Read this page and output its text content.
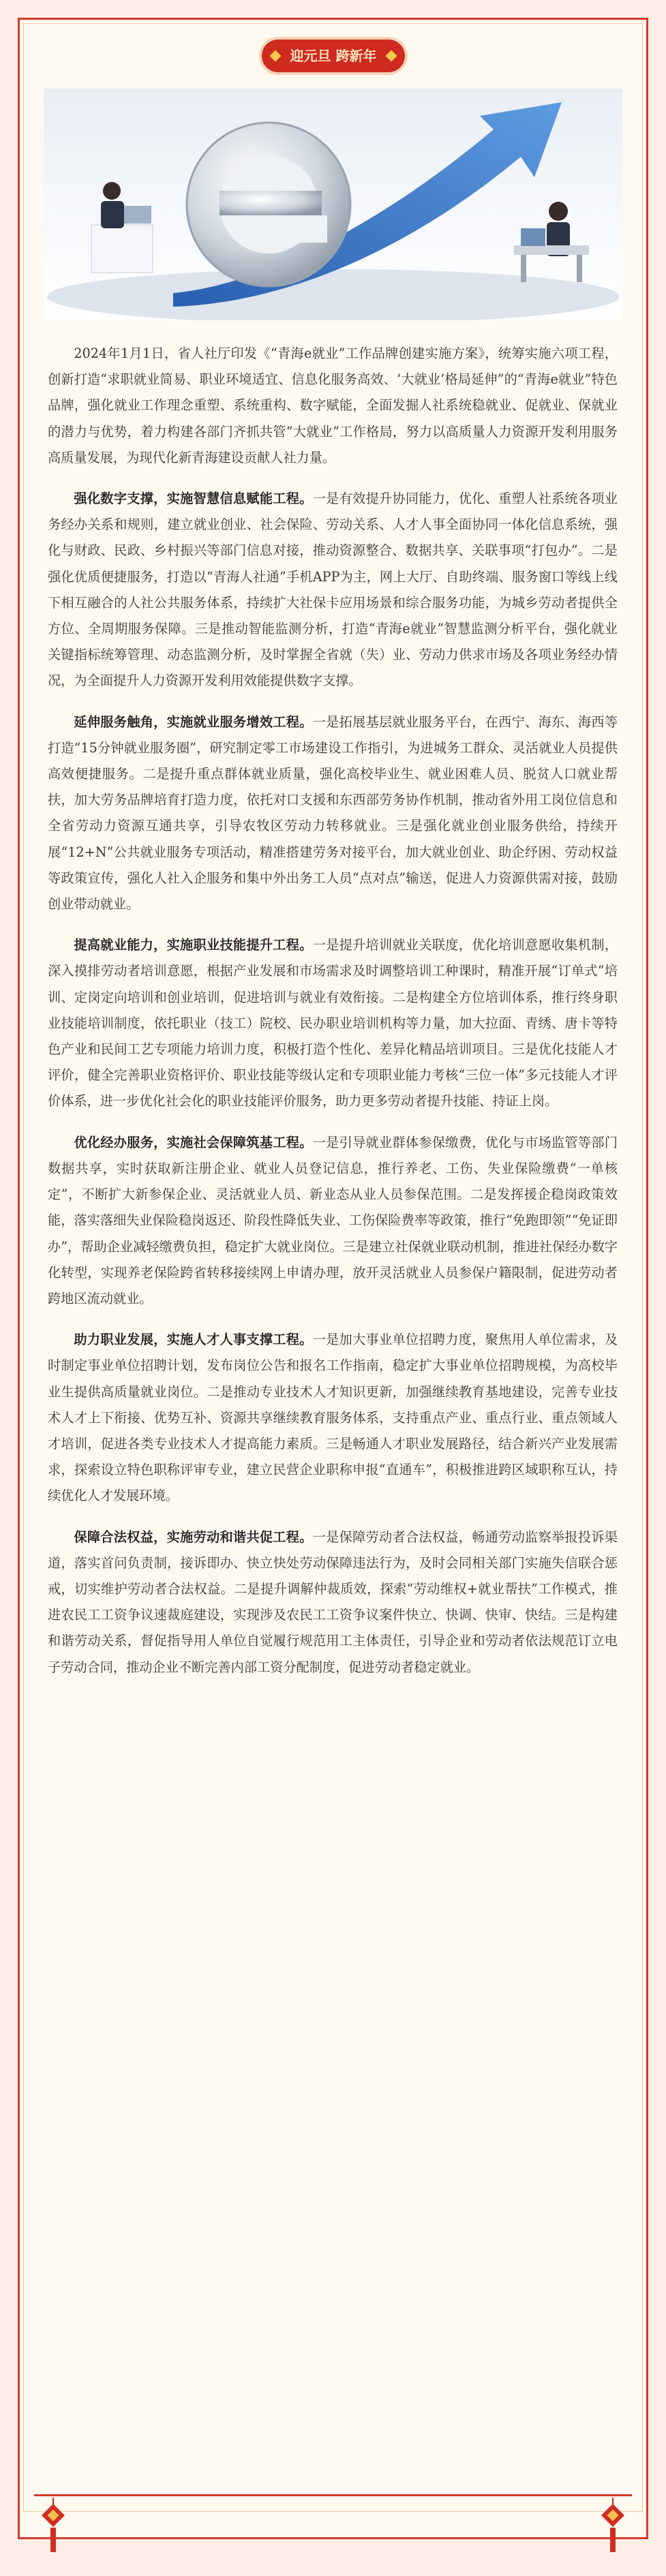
迎元旦 跨新年

2024年1月1日，省人社厅印发《“青海e就业”工作品牌创建实施方案》，统筹实施六项工程，创新打造“求职就业简易、职业环境适宜、信息化服务高效、‘大就业’格局延伸”的“青海e就业”特色品牌，强化就业工作理念重塑、系统重构、数字赋能，全面发掘人社系统稳就业、促就业、保就业的潜力与优势，着力构建各部门齐抓共管“大就业”工作格局，努力以高质量人力资源开发利用服务高质量发展，为现代化新青海建设贡献人社力量。

强化数字支撑，实施智慧信息赋能工程。一是有效提升协同能力，优化、重塑人社系统各项业务经办关系和规则，建立就业创业、社会保险、劳动关系、人才人事全面协同一体化信息系统，强化与财政、民政、乡村振兴等部门信息对接，推动资源整合、数据共享、关联事项“打包办”。二是强化优质便捷服务，打造以“青海人社通”手机APP为主，网上大厅、自助终端、服务窗口等线上线下相互融合的人社公共服务体系，持续扩大社保卡应用场景和综合服务功能，为城乡劳动者提供全方位、全周期服务保障。三是推动智能监测分析，打造“青海e就业”智慧监测分析平台，强化就业关键指标统筹管理、动态监测分析，及时掌握全省就（失）业、劳动力供求市场及各项业务经办情况，为全面提升人力资源开发利用效能提供数字支撑。

延伸服务触角，实施就业服务增效工程。一是拓展基层就业服务平台，在西宁、海东、海西等打造“15分钟就业服务圈”，研究制定零工市场建设工作指引，为进城务工群众、灵活就业人员提供高效便捷服务。二是提升重点群体就业质量，强化高校毕业生、就业困难人员、脱贫人口就业帮扶，加大劳务品牌培育打造力度，依托对口支援和东西部劳务协作机制，推动省外用工岗位信息和全省劳动力资源互通共享，引导农牧区劳动力转移就业。三是强化就业创业服务供给，持续开展“12+N”公共就业服务专项活动，精准搭建劳务对接平台，加大就业创业、助企纾困、劳动权益等政策宣传，强化人社入企服务和集中外出务工人员“点对点”输送，促进人力资源供需对接，鼓励创业带动就业。

提高就业能力，实施职业技能提升工程。一是提升培训就业关联度，优化培训意愿收集机制，深入摸排劳动者培训意愿，根据产业发展和市场需求及时调整培训工种课时，精准开展“订单式”培训、定岗定向培训和创业培训，促进培训与就业有效衔接。二是构建全方位培训体系，推行终身职业技能培训制度，依托职业（技工）院校、民办职业培训机构等力量，加大拉面、青绣、唐卡等特色产业和民间工艺专项能力培训力度，积极打造个性化、差异化精品培训项目。三是优化技能人才评价，健全完善职业资格评价、职业技能等级认定和专项职业能力考核“三位一体”多元技能人才评价体系，进一步优化社会化的职业技能评价服务，助力更多劳动者提升技能、持证上岗。

优化经办服务，实施社会保障筑基工程。一是引导就业群体参保缴费，优化与市场监管等部门数据共享，实时获取新注册企业、就业人员登记信息，推行养老、工伤、失业保险缴费“一单核定”，不断扩大新参保企业、灵活就业人员、新业态从业人员参保范围。二是发挥援企稳岗政策效能，落实落细失业保险稳岗返还、阶段性降低失业、工伤保险费率等政策，推行“免跑即领”“免证即办”，帮助企业减轻缴费负担，稳定扩大就业岗位。三是建立社保就业联动机制，推进社保经办数字化转型，实现养老保险跨省转移接续网上申请办理，放开灵活就业人员参保户籍限制，促进劳动者跨地区流动就业。

助力职业发展，实施人才人事支撑工程。一是加大事业单位招聘力度，聚焦用人单位需求，及时制定事业单位招聘计划，发布岗位公告和报名工作指南，稳定扩大事业单位招聘规模，为高校毕业生提供高质量就业岗位。二是推动专业技术人才知识更新，加强继续教育基地建设，完善专业技术人才上下衔接、优势互补、资源共享继续教育服务体系，支持重点产业、重点行业、重点领域人才培训，促进各类专业技术人才提高能力素质。三是畅通人才职业发展路径，结合新兴产业发展需求，探索设立特色职称评审专业，建立民营企业职称申报“直通车”，积极推进跨区域职称互认，持续优化人才发展环境。

保障合法权益，实施劳动和谐共促工程。一是保障劳动者合法权益，畅通劳动监察举报投诉渠道，落实首问负责制，接诉即办、快立快处劳动保障违法行为，及时会同相关部门实施失信联合惩戒，切实维护劳动者合法权益。二是提升调解仲裁质效，探索“劳动维权+就业帮扶”工作模式，推进农民工工资争议速裁庭建设，实现涉及农民工工资争议案件快立、快调、快审、快结。三是构建和谐劳动关系，督促指导用人单位自觉履行规范用工主体责任，引导企业和劳动者依法规范订立电子劳动合同，推动企业不断完善内部工资分配制度，促进劳动者稳定就业。
